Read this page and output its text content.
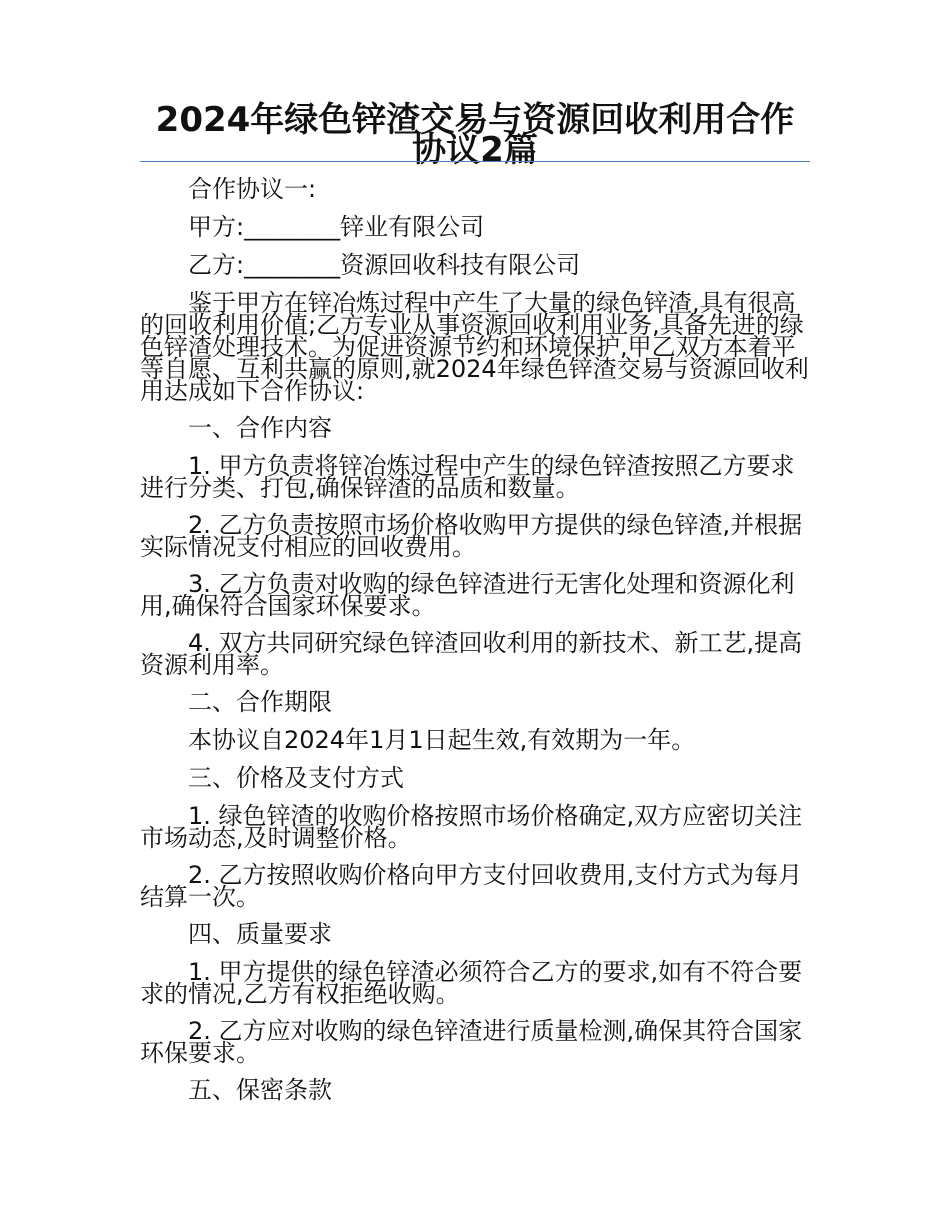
2024年绿色锌渣交易与资源回收利用合作协议2篇

合作协议一:

甲方:________锌业有限公司

乙方:________资源回收科技有限公司

鉴于甲方在锌冶炼过程中产生了大量的绿色锌渣,具有很高的回收利用价值;乙方专业从事资源回收利用业务,具备先进的绿色锌渣处理技术。为促进资源节约和环境保护,甲乙双方本着平等自愿、互利共赢的原则,就2024年绿色锌渣交易与资源回收利用达成如下合作协议:

一、合作内容

1. 甲方负责将锌冶炼过程中产生的绿色锌渣按照乙方要求进行分类、打包,确保锌渣的品质和数量。

2. 乙方负责按照市场价格收购甲方提供的绿色锌渣,并根据实际情况支付相应的回收费用。

3. 乙方负责对收购的绿色锌渣进行无害化处理和资源化利用,确保符合国家环保要求。

4. 双方共同研究绿色锌渣回收利用的新技术、新工艺,提高资源利用率。

二、合作期限

本协议自2024年1月1日起生效,有效期为一年。

三、价格及支付方式

1. 绿色锌渣的收购价格按照市场价格确定,双方应密切关注市场动态,及时调整价格。

2. 乙方按照收购价格向甲方支付回收费用,支付方式为每月结算一次。

四、质量要求

1. 甲方提供的绿色锌渣必须符合乙方的要求,如有不符合要求的情况,乙方有权拒绝收购。

2. 乙方应对收购的绿色锌渣进行质量检测,确保其符合国家环保要求。

五、保密条款
